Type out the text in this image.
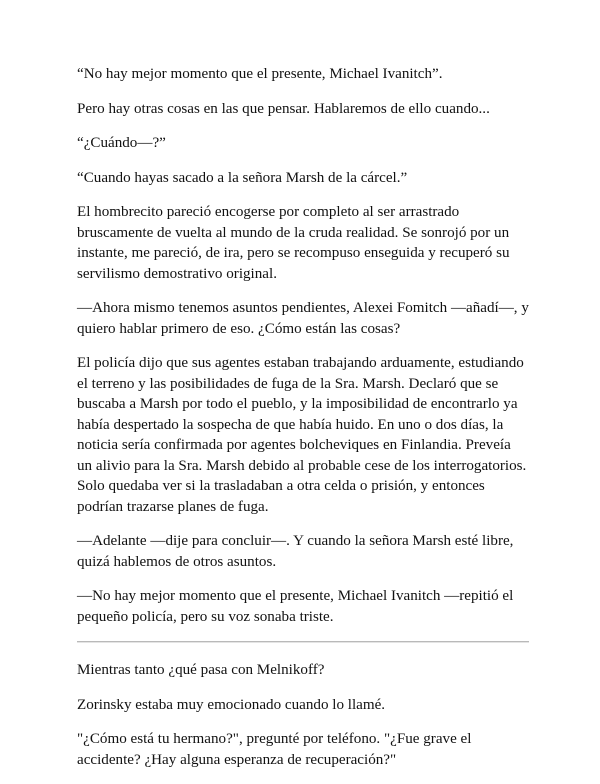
“No hay mejor momento que el presente, Michael Ivanitch”.

Pero hay otras cosas en las que pensar. Hablaremos de ello cuando...

“¿Cuándo—?”

“Cuando hayas sacado a la señora Marsh de la cárcel.”

El hombrecito pareció encogerse por completo al ser arrastrado bruscamente de vuelta al mundo de la cruda realidad. Se sonrojó por un instante, me pareció, de ira, pero se recompuso enseguida y recuperó su servilismo demostrativo original.

—Ahora mismo tenemos asuntos pendientes, Alexei Fomitch —añadí—, y quiero hablar primero de eso. ¿Cómo están las cosas?

El policía dijo que sus agentes estaban trabajando arduamente, estudiando el terreno y las posibilidades de fuga de la Sra. Marsh. Declaró que se buscaba a Marsh por todo el pueblo, y la imposibilidad de encontrarlo ya había despertado la sospecha de que había huido. En uno o dos días, la noticia sería confirmada por agentes bolcheviques en Finlandia. Preveía un alivio para la Sra. Marsh debido al probable cese de los interrogatorios. Solo quedaba ver si la trasladaban a otra celda o prisión, y entonces podrían trazarse planes de fuga.

—Adelante —dije para concluir—. Y cuando la señora Marsh esté libre, quizá hablemos de otros asuntos.

—No hay mejor momento que el presente, Michael Ivanitch —repitió el pequeño policía, pero su voz sonaba triste.

Mientras tanto ¿qué pasa con Melnikoff?

Zorinsky estaba muy emocionado cuando lo llamé.

"¿Cómo está tu hermano?", pregunté por teléfono. "¿Fue grave el accidente? ¿Hay alguna esperanza de recuperación?"
